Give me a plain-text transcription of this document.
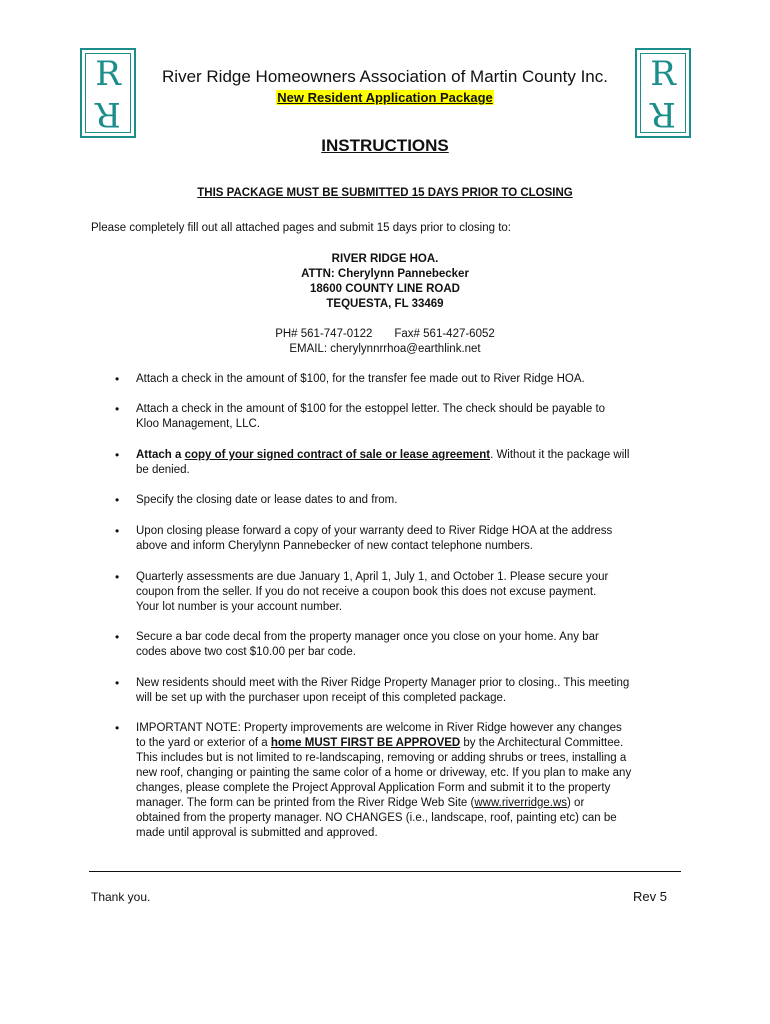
R
R
R
R
River Ridge Homeowners Association of Martin County Inc.
New Resident Application Package
INSTRUCTIONS
THIS PACKAGE MUST BE SUBMITTED 15 DAYS PRIOR TO CLOSING
Please completely fill out all attached pages and submit 15 days prior to closing to:
RIVER RIDGE HOA.
ATTN: Cherylynn Pannebecker
18600 COUNTY LINE ROAD
TEQUESTA, FL 33469
PH# 561-747-0122 Fax# 561-427-6052
EMAIL: cherylynnrrhoa@earthlink.net
• Attach a check in the amount of $100, for the transfer fee made out to River Ridge HOA.
• Attach a check in the amount of $100 for the estoppel letter. The check should be payable to
Kloo Management, LLC.
• Attach a copy of your signed contract of sale or lease agreement. Without it the package will
be denied.
• Specify the closing date or lease dates to and from.
• Upon closing please forward a copy of your warranty deed to River Ridge HOA at the address
above and inform Cherylynn Pannebecker of new contact telephone numbers.
• Quarterly assessments are due January 1, April 1, July 1, and October 1. Please secure your
coupon from the seller. If you do not receive a coupon book this does not excuse payment.
Your lot number is your account number.
• Secure a bar code decal from the property manager once you close on your home. Any bar
codes above two cost $10.00 per bar code.
• New residents should meet with the River Ridge Property Manager prior to closing.. This meeting
will be set up with the purchaser upon receipt of this completed package.
• IMPORTANT NOTE: Property improvements are welcome in River Ridge however any changes
to the yard or exterior of a home MUST FIRST BE APPROVED by the Architectural Committee.
This includes but is not limited to re-landscaping, removing or adding shrubs or trees, installing a
new roof, changing or painting the same color of a home or driveway, etc. If you plan to make any
changes, please complete the Project Approval Application Form and submit it to the property
manager. The form can be printed from the River Ridge Web Site (www.riverridge.ws) or
obtained from the property manager. NO CHANGES (i.e., landscape, roof, painting etc) can be
made until approval is submitted and approved.
Thank you.	Rev 5
